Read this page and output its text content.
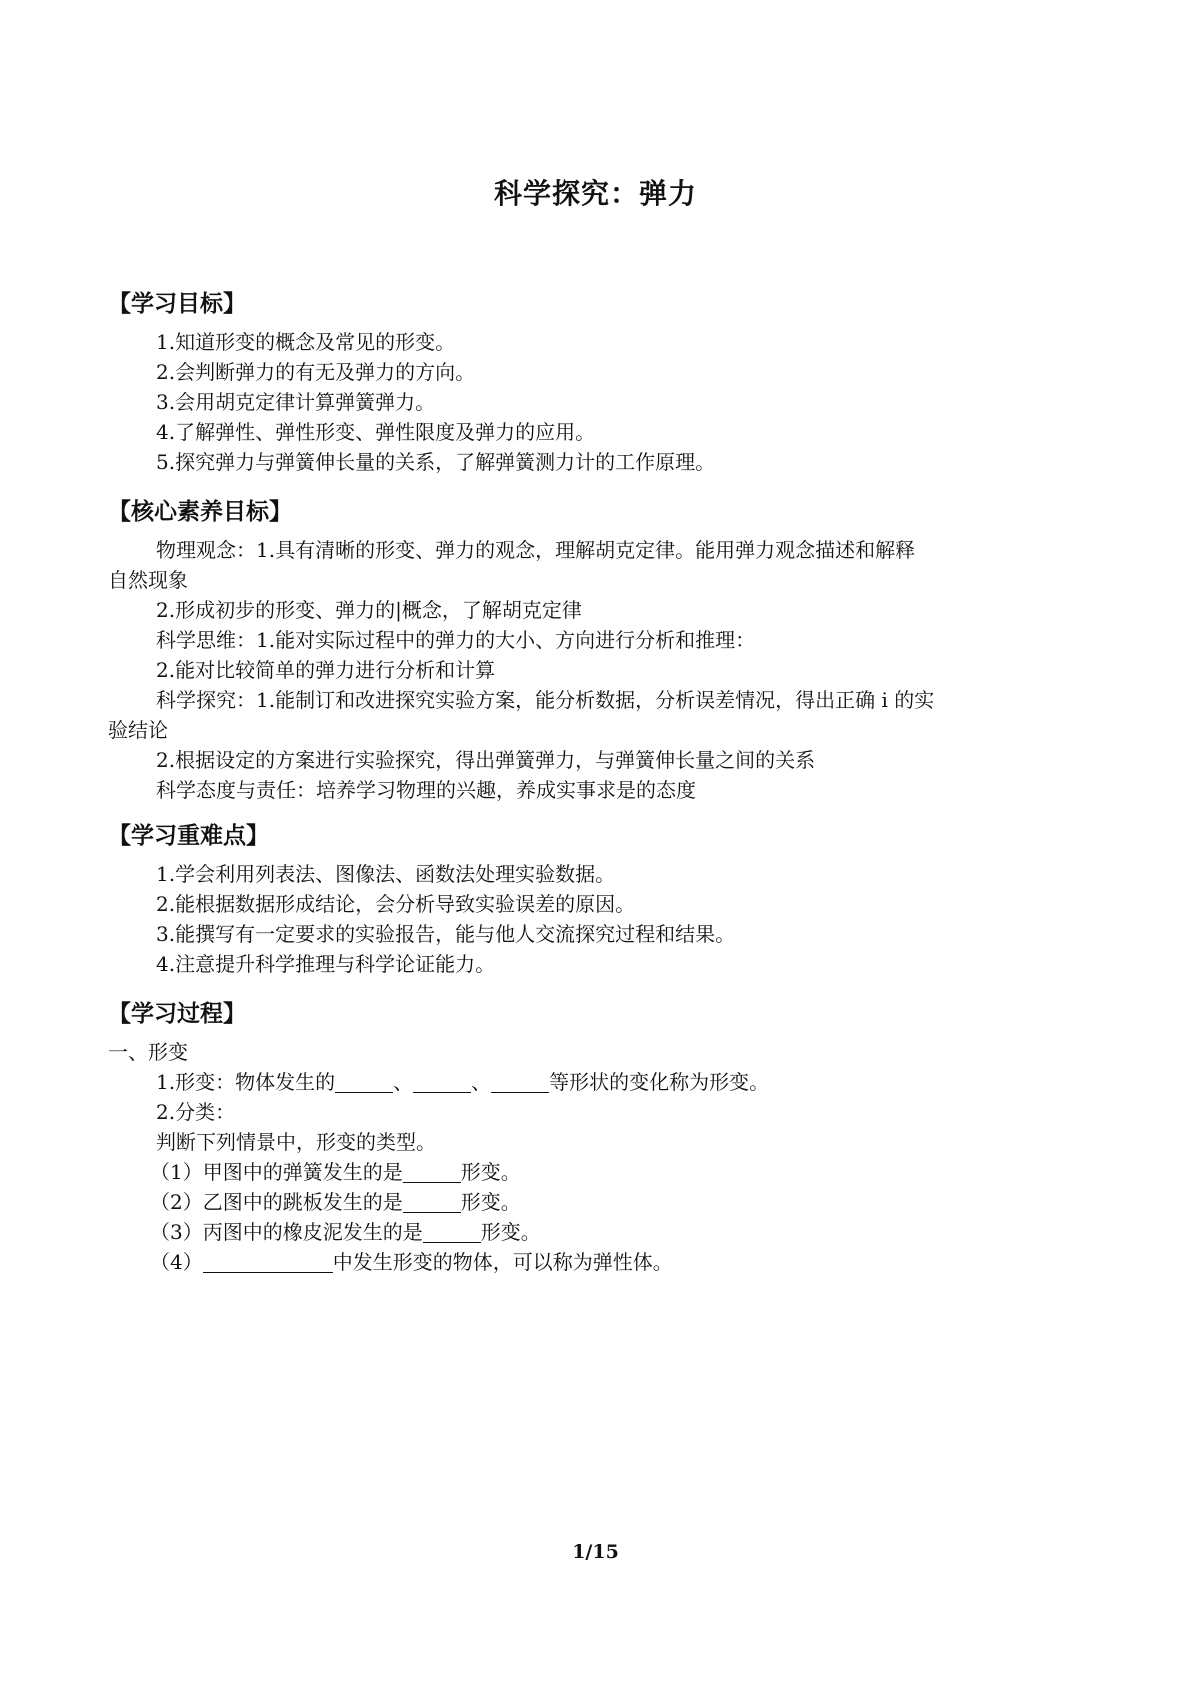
科学探究：弹力
【学习目标】
1.知道形变的概念及常见的形变。
2.会判断弹力的有无及弹力的方向。
3.会用胡克定律计算弹簧弹力。
4.了解弹性、弹性形变、弹性限度及弹力的应用。
5.探究弹力与弹簧伸长量的关系，了解弹簧测力计的工作原理。
【核心素养目标】
物理观念：1.具有清晰的形变、弹力的观念，理解胡克定律。能用弹力观念描述和解释
自然现象
2.形成初步的形变、弹力的|概念，了解胡克定律
科学思维：1.能对实际过程中的弹力的大小、方向进行分析和推理：
2.能对比较简单的弹力进行分析和计算
科学探究：1.能制订和改进探究实验方案，能分析数据，分析误差情况，得出正确 i 的实
验结论
2.根据设定的方案进行实验探究，得出弹簧弹力，与弹簧伸长量之间的关系
科学态度与责任：培养学习物理的兴趣，养成实事求是的态度
【学习重难点】
1.学会利用列表法、图像法、函数法处理实验数据。
2.能根据数据形成结论，会分析导致实验误差的原因。
3.能撰写有一定要求的实验报告，能与他人交流探究过程和结果。
4.注意提升科学推理与科学论证能力。
【学习过程】
一、形变
1.形变：物体发生的	、	、	等形状的变化称为形变。
2.分类：
判断下列情景中，形变的类型。
（1）甲图中的弹簧发生的是	形变。
（2）乙图中的跳板发生的是	形变。
（3）丙图中的橡皮泥发生的是	形变。
（4）	中发生形变的物体，可以称为弹性体。
1/15
